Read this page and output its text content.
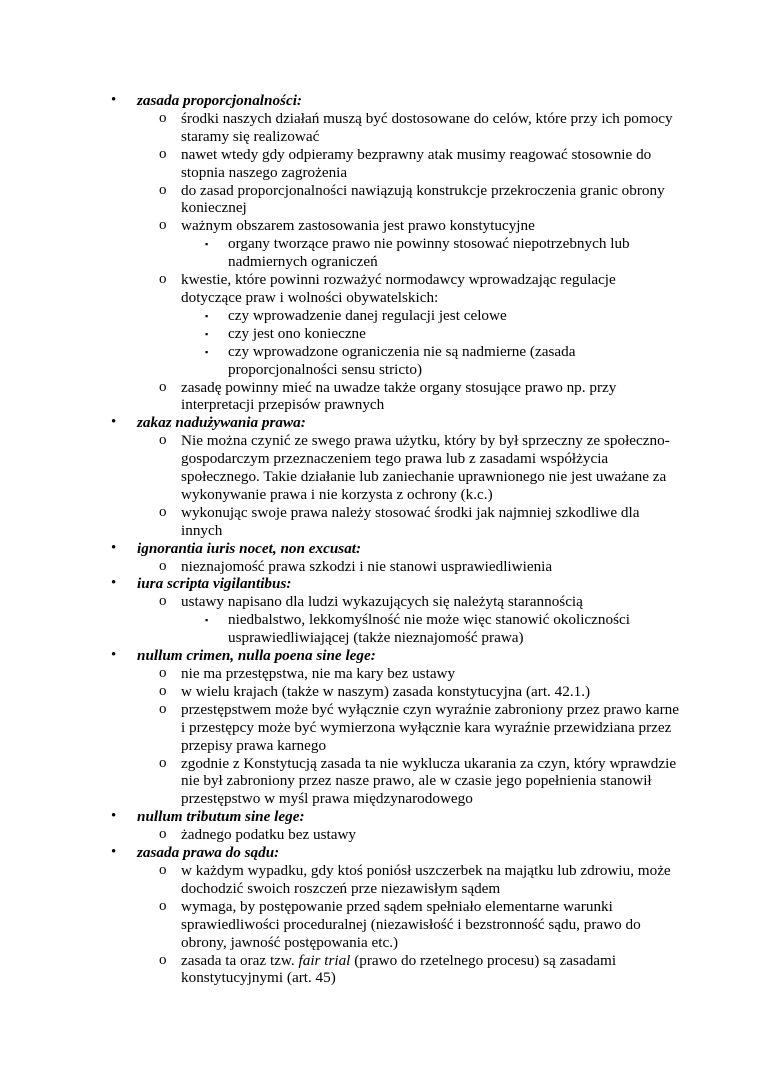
• zasada proporcjonalności:
o środki naszych działań muszą być dostosowane do celów, które przy ich pomocy staramy się realizować
o nawet wtedy gdy odpieramy bezprawny atak musimy reagować stosownie do stopnia naszego zagrożenia
o do zasad proporcjonalności nawiązują konstrukcje przekroczenia granic obrony koniecznej
o ważnym obszarem zastosowania jest prawo konstytucyjne
▪ organy tworzące prawo nie powinny stosować niepotrzebnych lub nadmiernych ograniczeń
o kwestie, które powinni rozważyć normodawcy wprowadzając regulacje dotyczące praw i wolności obywatelskich:
▪ czy wprowadzenie danej regulacji jest celowe
▪ czy jest ono konieczne
▪ czy wprowadzone ograniczenia nie są nadmierne (zasada proporcjonalności sensu stricto)
o zasadę powinny mieć na uwadze także organy stosujące prawo np. przy interpretacji przepisów prawnych
• zakaz nadużywania prawa:
o Nie można czynić ze swego prawa użytku, który by był sprzeczny ze społeczno-gospodarczym przeznaczeniem tego prawa lub z zasadami współżycia społecznego. Takie działanie lub zaniechanie uprawnionego nie jest uważane za wykonywanie prawa i nie korzysta z ochrony (k.c.)
o wykonując swoje prawa należy stosować środki jak najmniej szkodliwe dla innych
• ignorantia iuris nocet, non excusat:
o nieznajomość prawa szkodzi i nie stanowi usprawiedliwienia
• iura scripta vigilantibus:
o ustawy napisano dla ludzi wykazujących się należytą starannością
▪ niedbalstwo, lekkomyślność nie może więc stanowić okoliczności usprawiedliwiającej (także nieznajomość prawa)
• nullum crimen, nulla poena sine lege:
o nie ma przestępstwa, nie ma kary bez ustawy
o w wielu krajach (także w naszym) zasada konstytucyjna (art. 42.1.)
o przestępstwem może być wyłącznie czyn wyraźnie zabroniony przez prawo karne i przestępcy może być wymierzona wyłącznie kara wyraźnie przewidziana przez przepisy prawa karnego
o zgodnie z Konstytucją zasada ta nie wyklucza ukarania za czyn, który wprawdzie nie był zabroniony przez nasze prawo, ale w czasie jego popełnienia stanowił przestępstwo w myśl prawa międzynarodowego
• nullum tributum sine lege:
o żadnego podatku bez ustawy
• zasada prawa do sądu:
o w każdym wypadku, gdy ktoś poniósł uszczerbek na majątku lub zdrowiu, może dochodzić swoich roszczeń prze niezawisłym sądem
o wymaga, by postępowanie przed sądem spełniało elementarne warunki sprawiedliwości proceduralnej (niezawisłość i bezstronność sądu, prawo do obrony, jawność postępowania etc.)
o zasada ta oraz tzw. fair trial (prawo do rzetelnego procesu) są zasadami konstytucyjnymi (art. 45)
